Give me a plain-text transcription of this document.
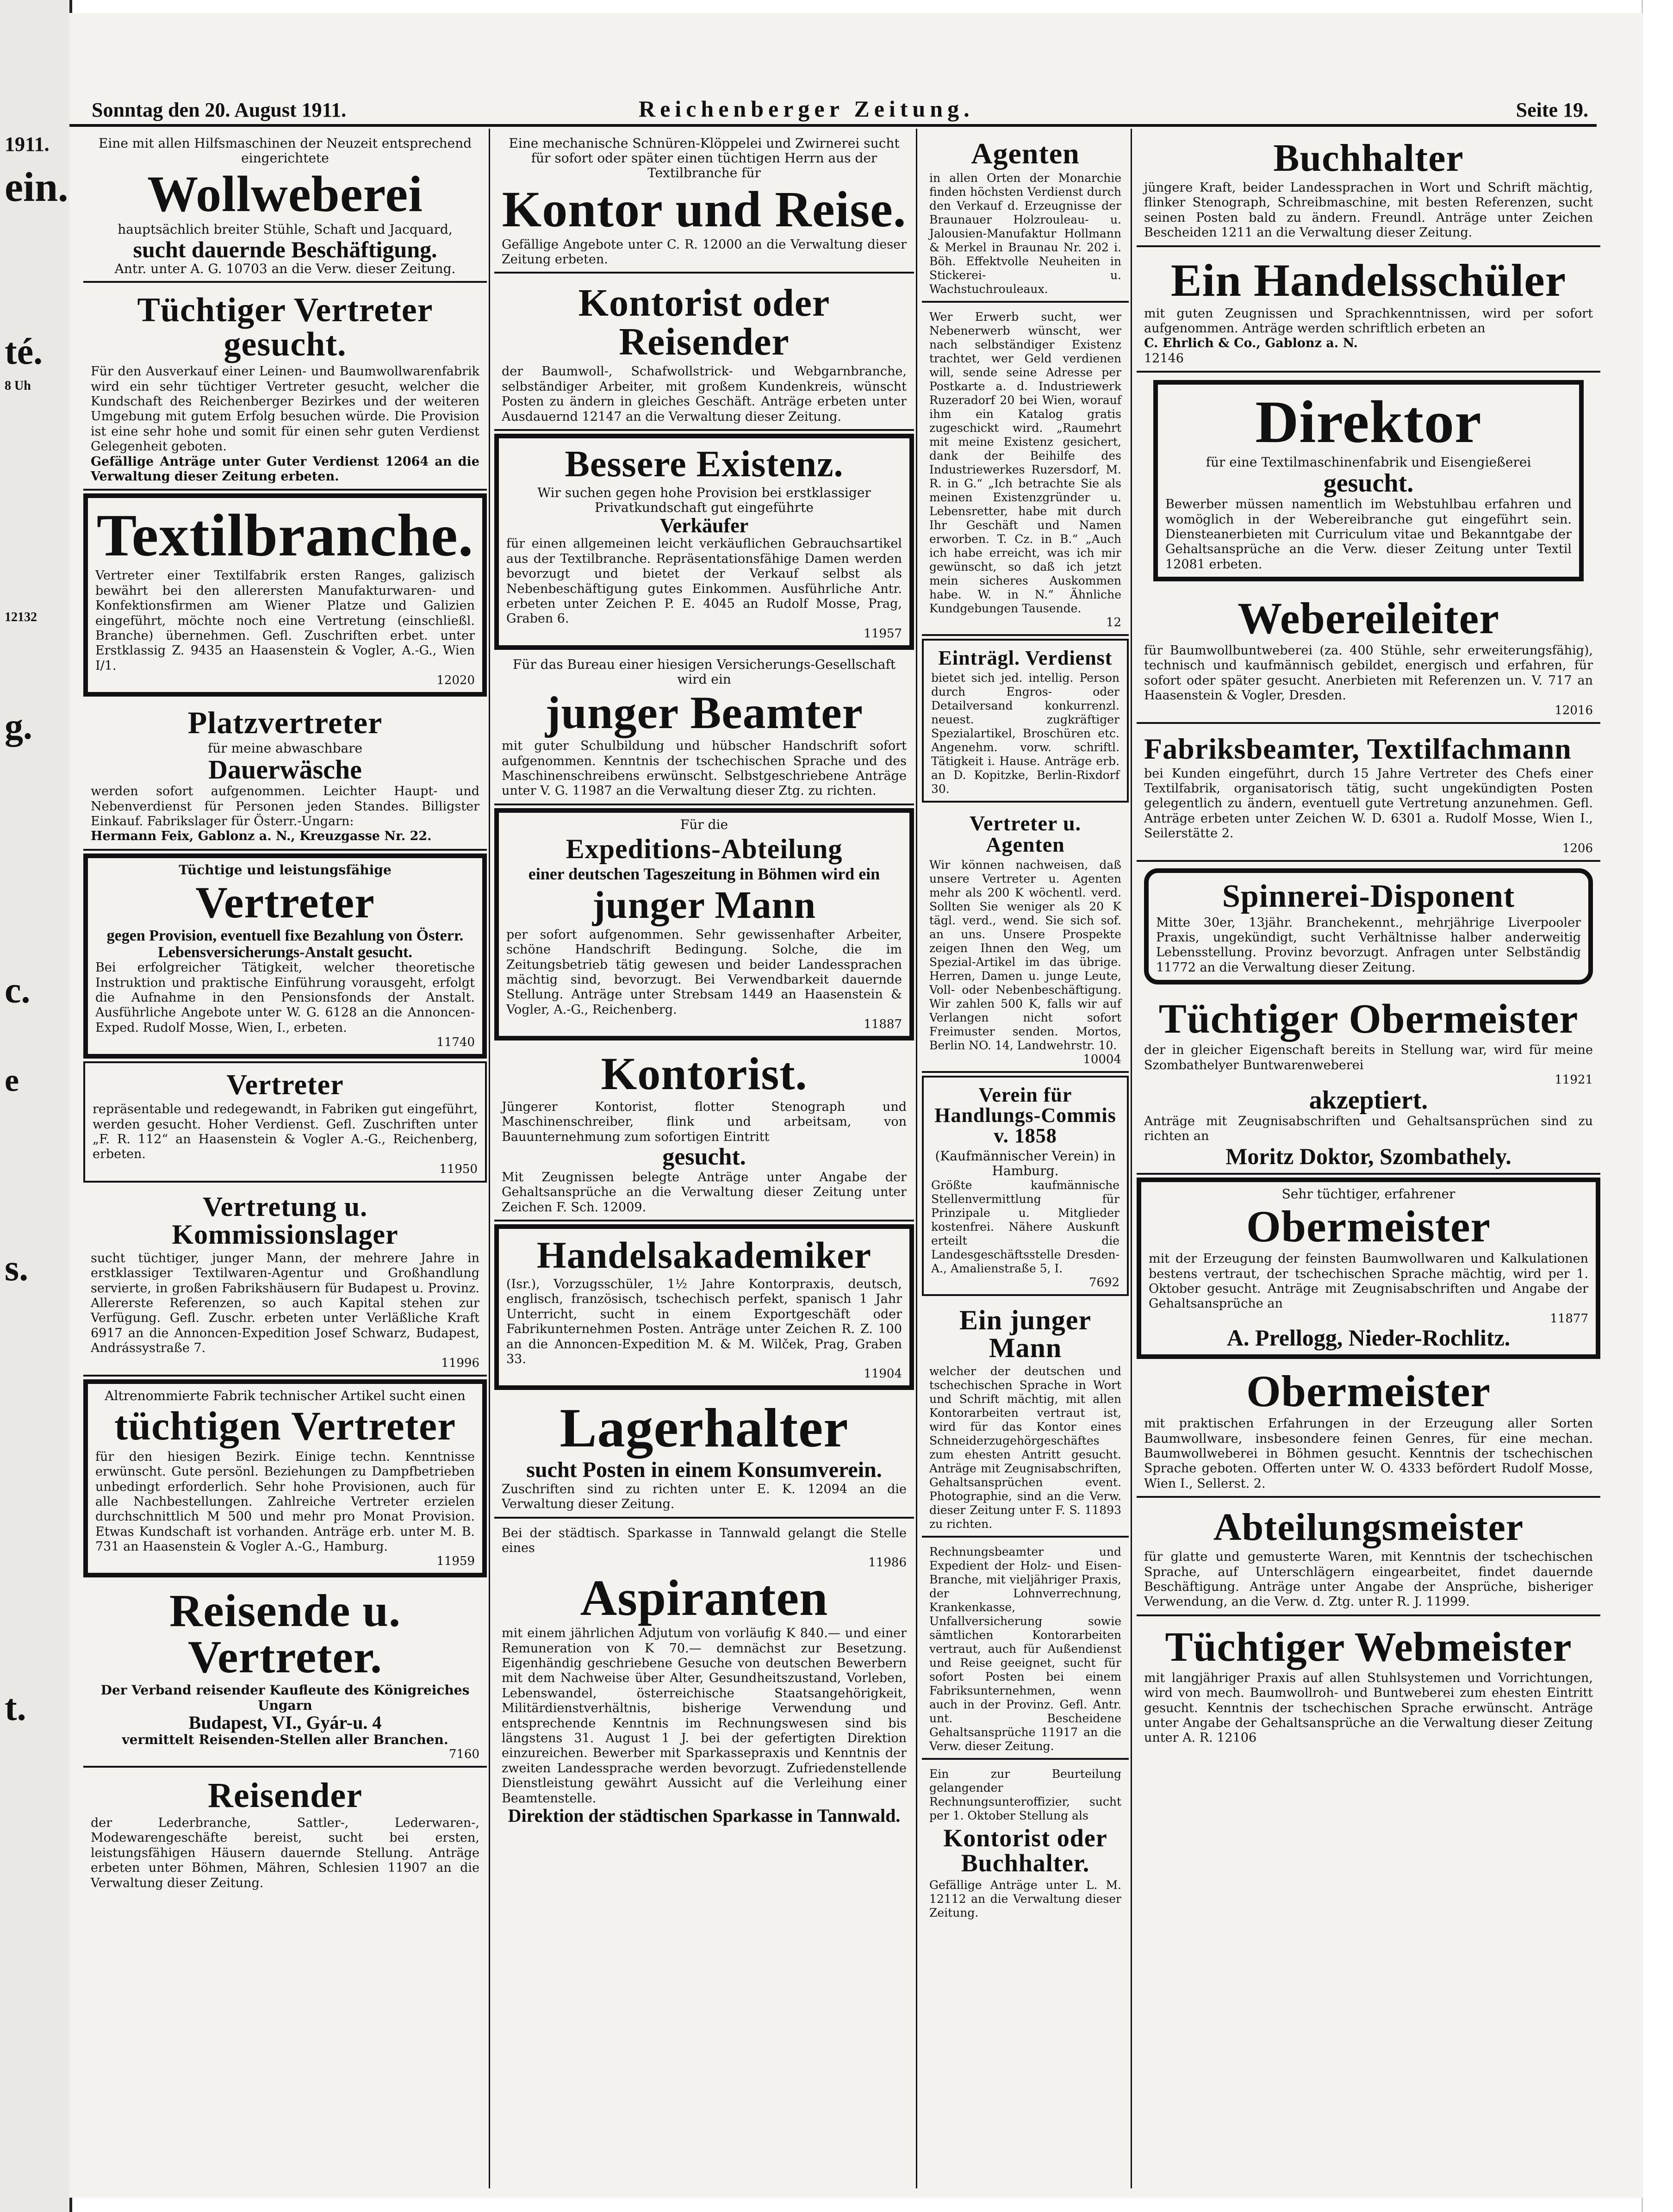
1911.
ein.
té.
8 Uh
12132
g.
c.
e
s.
t.
Sonntag den 20. August 1911.	Reichenberger Zeitung.	Seite 19.
Eine mit allen Hilfsmaschinen der Neuzeit entsprechend eingerichtete
Wollweberei
hauptsächlich breiter Stühle, Schaft und Jacquard,
sucht dauernde Beschäftigung.
Antr. unter A. G. 10703 an die Verw. dieser Zeitung.
Tüchtiger Vertreter gesucht.
Für den Ausverkauf einer Leinen- und Baumwollwarenfabrik wird ein sehr tüchtiger Vertreter gesucht, welcher die Kundschaft des Reichenberger Bezirkes und der weiteren Umgebung mit gutem Erfolg besuchen würde. Die Provision ist eine sehr hohe und somit für einen sehr guten Verdienst Gelegenheit geboten.
Gefällige Anträge unter Guter Verdienst 12064 an die Verwaltung dieser Zeitung erbeten.
Textilbranche.
Vertreter einer Textilfabrik ersten Ranges, galizisch bewährt bei den allerersten Manufakturwaren- und Konfektionsfirmen am Wiener Platze und Galizien eingeführt, möchte noch eine Vertretung (einschließl. Branche) übernehmen. Gefl. Zuschriften erbet. unter Erstklassig Z. 9435 an Haasenstein & Vogler, A.-G., Wien I/1.
12020
Platzvertreter
für meine abwaschbare
Dauerwäsche
werden sofort aufgenommen. Leichter Haupt- und Nebenverdienst für Personen jeden Standes. Billigster Einkauf. Fabrikslager für Österr.-Ungarn:
Hermann Feix, Gablonz a. N., Kreuzgasse Nr. 22.
Tüchtige und leistungsfähige
Vertreter
gegen Provision, eventuell fixe Bezahlung von Österr. Lebensversicherungs-Anstalt gesucht.
Bei erfolgreicher Tätigkeit, welcher theoretische Instruktion und praktische Einführung vorausgeht, erfolgt die Aufnahme in den Pensionsfonds der Anstalt. Ausführliche Angebote unter W. G. 6128 an die Annoncen-Exped. Rudolf Mosse, Wien, I., erbeten.
11740
Vertreter
repräsentable und redegewandt, in Fabriken gut eingeführt, werden gesucht. Hoher Verdienst. Gefl. Zuschriften unter „F. R. 112“ an Haasenstein & Vogler A.-G., Reichenberg, erbeten.
11950
Vertretung u. Kommissionslager
sucht tüchtiger, junger Mann, der mehrere Jahre in erstklassiger Textilwaren-Agentur und Großhandlung servierte, in großen Fabrikshäusern für Budapest u. Provinz. Allererste Referenzen, so auch Kapital stehen zur Verfügung. Gefl. Zuschr. erbeten unter Verläßliche Kraft 6917 an die Annoncen-Expedition Josef Schwarz, Budapest, Andrássystraße 7.
11996
Altrenommierte Fabrik technischer Artikel sucht einen
tüchtigen Vertreter
für den hiesigen Bezirk. Einige techn. Kenntnisse erwünscht. Gute persönl. Beziehungen zu Dampfbetrieben unbedingt erforderlich. Sehr hohe Provisionen, auch für alle Nachbestellungen. Zahlreiche Vertreter erzielen durchschnittlich M 500 und mehr pro Monat Provision. Etwas Kundschaft ist vorhanden. Anträge erb. unter M. B. 731 an Haasenstein & Vogler A.-G., Hamburg.
11959
Reisende u. Vertreter.
Der Verband reisender Kaufleute des Königreiches Ungarn
Budapest, VI., Gyár-u. 4
vermittelt Reisenden-Stellen aller Branchen.
7160
Reisender
der Lederbranche, Sattler-, Lederwaren-, Modewarengeschäfte bereist, sucht bei ersten, leistungsfähigen Häusern dauernde Stellung. Anträge erbeten unter Böhmen, Mähren, Schlesien 11907 an die Verwaltung dieser Zeitung.
Eine mechanische Schnüren-Klöppelei und Zwirnerei sucht für sofort oder später einen tüchtigen Herrn aus der Textilbranche für
Kontor und Reise.
Gefällige Angebote unter C. R. 12000 an die Verwaltung dieser Zeitung erbeten.
Kontorist oder Reisender
der Baumwoll-, Schafwollstrick- und Webgarnbranche, selbständiger Arbeiter, mit großem Kundenkreis, wünscht Posten zu ändern in gleiches Geschäft. Anträge erbeten unter Ausdauernd 12147 an die Verwaltung dieser Zeitung.
Bessere Existenz.
Wir suchen gegen hohe Provision bei erstklassiger Privatkundschaft gut eingeführte
Verkäufer
für einen allgemeinen leicht verkäuflichen Gebrauchsartikel aus der Textilbranche. Repräsentationsfähige Damen werden bevorzugt und bietet der Verkauf selbst als Nebenbeschäftigung gutes Einkommen. Ausführliche Antr. erbeten unter Zeichen P. E. 4045 an Rudolf Mosse, Prag, Graben 6.
11957
Für das Bureau einer hiesigen Versicherungs-Gesellschaft wird ein
junger Beamter
mit guter Schulbildung und hübscher Handschrift sofort aufgenommen. Kenntnis der tschechischen Sprache und des Maschinenschreibens erwünscht. Selbstgeschriebene Anträge unter V. G. 11987 an die Verwaltung dieser Ztg. zu richten.
Für die
Expeditions-Abteilung
einer deutschen Tageszeitung in Böhmen wird ein
junger Mann
per sofort aufgenommen. Sehr gewissenhafter Arbeiter, schöne Handschrift Bedingung. Solche, die im Zeitungsbetrieb tätig gewesen und beider Landessprachen mächtig sind, bevorzugt. Bei Verwendbarkeit dauernde Stellung. Anträge unter Strebsam 1449 an Haasenstein & Vogler, A.-G., Reichenberg.
11887
Kontorist.
Jüngerer Kontorist, flotter Stenograph und Maschinenschreiber, flink und arbeitsam, von Bauunternehmung zum sofortigen Eintritt
gesucht.
Mit Zeugnissen belegte Anträge unter Angabe der Gehaltsansprüche an die Verwaltung dieser Zeitung unter Zeichen F. Sch. 12009.
Handelsakademiker
(Isr.), Vorzugsschüler, 1½ Jahre Kontorpraxis, deutsch, englisch, französisch, tschechisch perfekt, spanisch 1 Jahr Unterricht, sucht in einem Exportgeschäft oder Fabrikunternehmen Posten. Anträge unter Zeichen R. Z. 100 an die Annoncen-Expedition M. & M. Wilček, Prag, Graben 33.
11904
Lagerhalter
sucht Posten in einem Konsumverein.
Zuschriften sind zu richten unter E. K. 12094 an die Verwaltung dieser Zeitung.
Bei der städtisch. Sparkasse in Tannwald gelangt die Stelle eines
11986
Aspiranten
mit einem jährlichen Adjutum von vorläufig K 840.— und einer Remuneration von K 70.— demnächst zur Besetzung. Eigenhändig geschriebene Gesuche von deutschen Bewerbern mit dem Nachweise über Alter, Gesundheitszustand, Vorleben, Lebenswandel, österreichische Staatsangehörigkeit, Militärdienstverhältnis, bisherige Verwendung und entsprechende Kenntnis im Rechnungswesen sind bis längstens 31. August 1 J. bei der gefertigten Direktion einzureichen. Bewerber mit Sparkassepraxis und Kenntnis der zweiten Landessprache werden bevorzugt. Zufriedenstellende Dienstleistung gewährt Aussicht auf die Verleihung einer Beamtenstelle.
Direktion der städtischen Sparkasse in Tannwald.
Agenten
in allen Orten der Monarchie finden höchsten Verdienst durch den Verkauf d. Erzeugnisse der Braunauer Holzrouleau- u. Jalousien-Manufaktur Hollmann & Merkel in Braunau Nr. 202 i. Böh. Effektvolle Neuheiten in Stickerei- u. Wachstuchrouleaux.
Wer Erwerb sucht, wer Nebenerwerb wünscht, wer nach selbständiger Existenz trachtet, wer Geld verdienen will, sende seine Adresse per Postkarte a. d. Industriewerk Ruzeradorf 20 bei Wien, worauf ihm ein Katalog gratis zugeschickt wird. „Raumehrt mit meine Existenz gesichert, dank der Beihilfe des Industriewerkes Ruzersdorf, M. R. in G.“ „Ich betrachte Sie als meinen Existenzgründer u. Lebensretter, habe mit durch Ihr Geschäft und Namen erworben. T. Cz. in B.“ „Auch ich habe erreicht, was ich mir gewünscht, so daß ich jetzt mein sicheres Auskommen habe. W. in N.“ Ähnliche Kundgebungen Tausende.
12
Einträgl. Verdienst
bietet sich jed. intellig. Person durch Engros- oder Detailversand konkurrenzl. neuest. zugkräftiger Spezialartikel, Broschüren etc. Angenehm. vorw. schriftl. Tätigkeit i. Hause. Anträge erb. an D. Kopitzke, Berlin-Rixdorf 30.
Vertreter u. Agenten
Wir können nachweisen, daß unsere Vertreter u. Agenten mehr als 200 K wöchentl. verd. Sollten Sie weniger als 20 K tägl. verd., wend. Sie sich sof. an uns. Unsere Prospekte zeigen Ihnen den Weg, um Spezial-Artikel im das übrige. Herren, Damen u. junge Leute, Voll- oder Nebenbeschäftigung. Wir zahlen 500 K, falls wir auf Verlangen nicht sofort Freimuster senden. Mortos, Berlin NO. 14, Landwehrstr. 10.
10004
Verein für Handlungs-Commis v. 1858
(Kaufmännischer Verein) in Hamburg.
Größte kaufmännische Stellenvermittlung für Prinzipale u. Mitglieder kostenfrei. Nähere Auskunft erteilt die Landesgeschäftsstelle Dresden-A., Amalienstraße 5, I.
7692
Ein junger Mann
welcher der deutschen und tschechischen Sprache in Wort und Schrift mächtig, mit allen Kontorarbeiten vertraut ist, wird für das Kontor eines Schneiderzugehörgeschäftes zum ehesten Antritt gesucht. Anträge mit Zeugnisabschriften, Gehaltsansprüchen event. Photographie, sind an die Verw. dieser Zeitung unter F. S. 11893 zu richten.
Rechnungsbeamter und Expedient der Holz- und Eisen-Branche, mit vieljähriger Praxis, der Lohnverrechnung, Krankenkasse, Unfallversicherung sowie sämtlichen Kontorarbeiten vertraut, auch für Außendienst und Reise geeignet, sucht für sofort Posten bei einem Fabriksunternehmen, wenn auch in der Provinz. Gefl. Antr. unt. Bescheidene Gehaltsansprüche 11917 an die Verw. dieser Zeitung.
Ein zur Beurteilung gelangender Rechnungsunteroffizier, sucht per 1. Oktober Stellung als
Kontorist oder Buchhalter.
Gefällige Anträge unter L. M. 12112 an die Verwaltung dieser Zeitung.
Buchhalter
jüngere Kraft, beider Landessprachen in Wort und Schrift mächtig, flinker Stenograph, Schreibmaschine, mit besten Referenzen, sucht seinen Posten bald zu ändern. Freundl. Anträge unter Zeichen Bescheiden 1211 an die Verwaltung dieser Zeitung.
Ein Handelsschüler
mit guten Zeugnissen und Sprachkenntnissen, wird per sofort aufgenommen. Anträge werden schriftlich erbeten an
C. Ehrlich & Co., Gablonz a. N.
12146
Direktor
für eine Textilmaschinenfabrik und Eisengießerei
gesucht.
Bewerber müssen namentlich im Webstuhlbau erfahren und womöglich in der Webereibranche gut eingeführt sein. Diensteanerbieten mit Curriculum vitae und Bekanntgabe der Gehaltsansprüche an die Verw. dieser Zeitung unter Textil 12081 erbeten.
Webereileiter
für Baumwollbuntweberei (za. 400 Stühle, sehr erweiterungsfähig), technisch und kaufmännisch gebildet, energisch und erfahren, für sofort oder später gesucht. Anerbieten mit Referenzen un. V. 717 an Haasenstein & Vogler, Dresden.
12016
Fabriksbeamter, Textilfachmann
bei Kunden eingeführt, durch 15 Jahre Vertreter des Chefs einer Textilfabrik, organisatorisch tätig, sucht ungekündigten Posten gelegentlich zu ändern, eventuell gute Vertretung anzunehmen. Gefl. Anträge erbeten unter Zeichen W. D. 6301 a. Rudolf Mosse, Wien I., Seilerstätte 2.
1206
Spinnerei-Disponent
Mitte 30er, 13jähr. Branchekennt., mehrjährige Liverpooler Praxis, ungekündigt, sucht Verhältnisse halber anderweitig Lebensstellung. Provinz bevorzugt. Anfragen unter Selbständig 11772 an die Verwaltung dieser Zeitung.
Tüchtiger Obermeister
der in gleicher Eigenschaft bereits in Stellung war, wird für meine Szombathelyer Buntwarenweberei
11921
akzeptiert.
Anträge mit Zeugnisabschriften und Gehaltsansprüchen sind zu richten an
Moritz Doktor, Szombathely.
Sehr tüchtiger, erfahrener
Obermeister
mit der Erzeugung der feinsten Baumwollwaren und Kalkulationen bestens vertraut, der tschechischen Sprache mächtig, wird per 1. Oktober gesucht. Anträge mit Zeugnisabschriften und Angabe der Gehaltsansprüche an
11877
A. Prellogg, Nieder-Rochlitz.
Obermeister
mit praktischen Erfahrungen in der Erzeugung aller Sorten Baumwollware, insbesondere feinen Genres, für eine mechan. Baumwollweberei in Böhmen gesucht. Kenntnis der tschechischen Sprache geboten. Offerten unter W. O. 4333 befördert Rudolf Mosse, Wien I., Sellerst. 2.
Abteilungsmeister
für glatte und gemusterte Waren, mit Kenntnis der tschechischen Sprache, auf Unterschlägern eingearbeitet, findet dauernde Beschäftigung. Anträge unter Angabe der Ansprüche, bisheriger Verwendung, an die Verw. d. Ztg. unter R. J. 11999.
Tüchtiger Webmeister
mit langjähriger Praxis auf allen Stuhlsystemen und Vorrichtungen, wird von mech. Baumwollroh- und Buntweberei zum ehesten Eintritt gesucht. Kenntnis der tschechischen Sprache erwünscht. Anträge unter Angabe der Gehaltsansprüche an die Verwaltung dieser Zeitung unter A. R. 12106
